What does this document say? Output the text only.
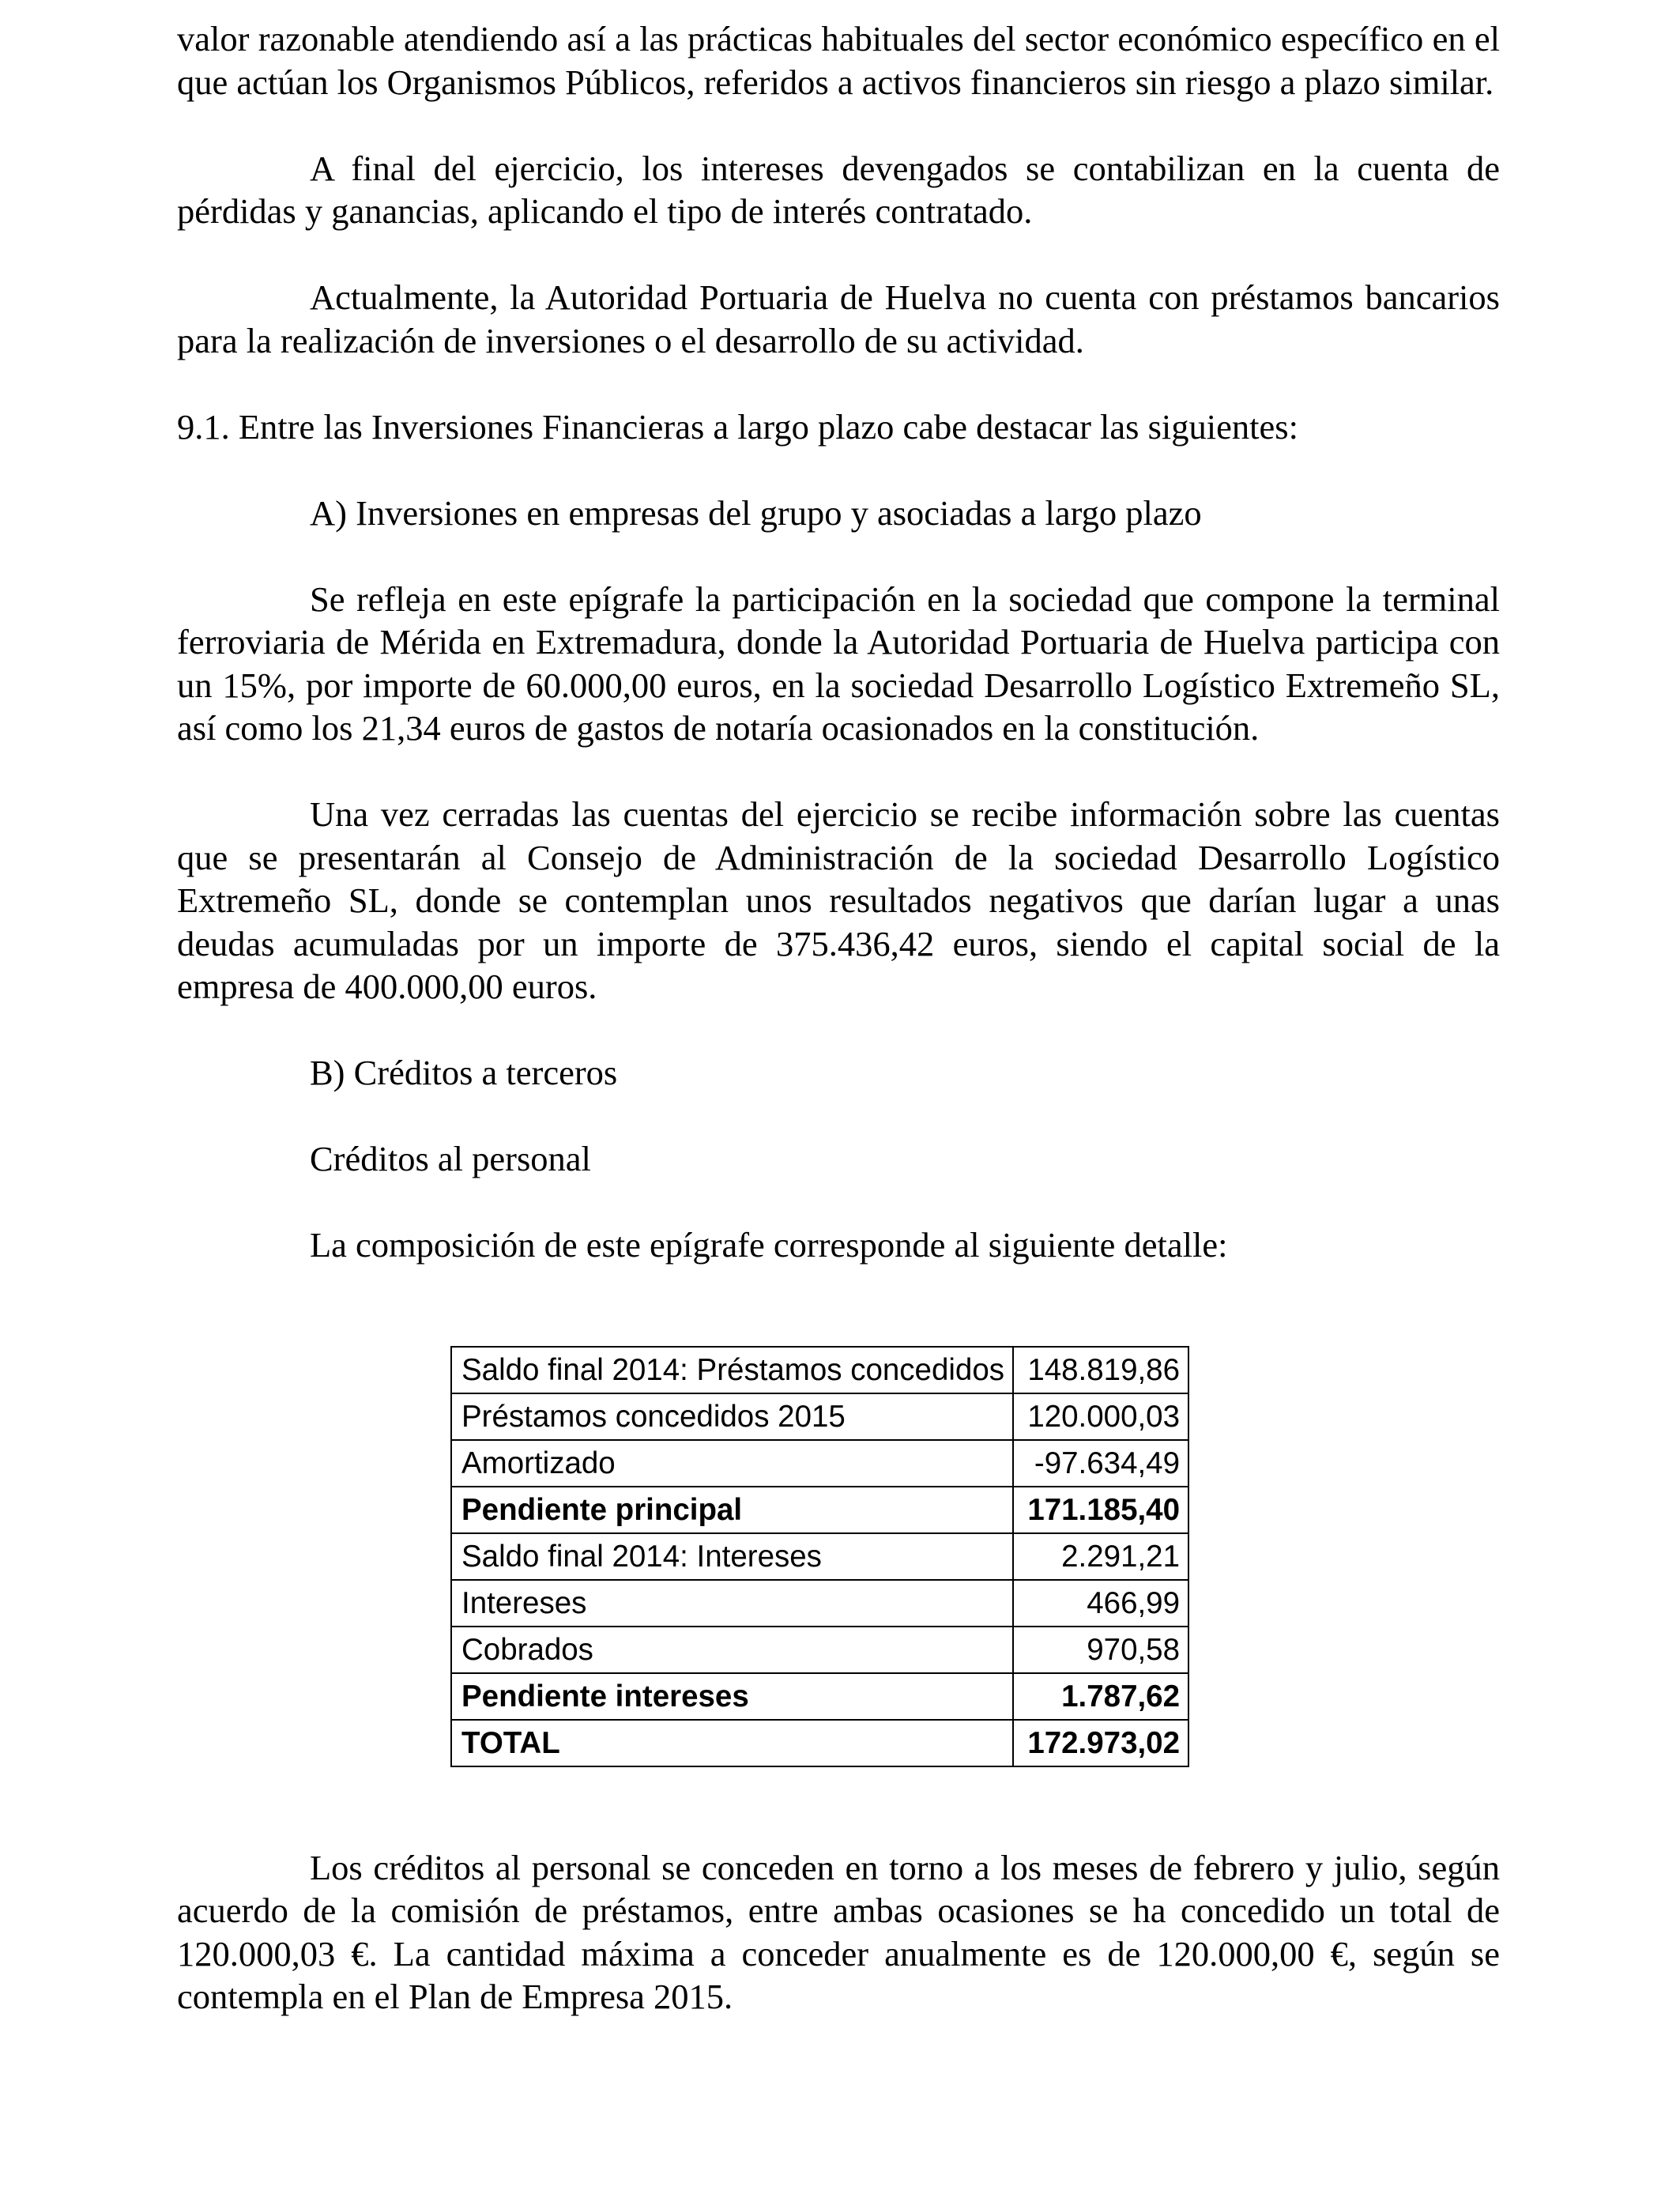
valor razonable atendiendo así a las prácticas habituales del sector económico específico en el que actúan los Organismos Públicos, referidos a activos financieros sin riesgo a plazo similar.

A final del ejercicio, los intereses devengados se contabilizan en la cuenta de pérdidas y ganancias, aplicando el tipo de interés contratado.

Actualmente, la Autoridad Portuaria de Huelva no cuenta con préstamos bancarios para la realización de inversiones o el desarrollo de su actividad.

9.1. Entre las Inversiones Financieras a largo plazo cabe destacar las siguientes:

A) Inversiones en empresas del grupo y asociadas a largo plazo

Se refleja en este epígrafe la participación en la sociedad que compone la terminal ferroviaria de Mérida en Extremadura, donde la Autoridad Portuaria de Huelva participa con un 15%, por importe de 60.000,00 euros, en la sociedad Desarrollo Logístico Extremeño SL, así como los 21,34 euros de gastos de notaría ocasionados en la constitución.

Una vez cerradas las cuentas del ejercicio se recibe información sobre las cuentas que se presentarán al Consejo de Administración de la sociedad Desarrollo Logístico Extremeño SL, donde se contemplan unos resultados negativos que darían lugar a unas deudas acumuladas por un importe de 375.436,42 euros, siendo el capital social de la empresa de 400.000,00 euros.

B) Créditos a terceros

Créditos al personal

La composición de este epígrafe corresponde al siguiente detalle:

Saldo final 2014: Préstamos concedidos	148.819,86
Préstamos concedidos 2015	120.000,03
Amortizado	-97.634,49
Pendiente principal	171.185,40
Saldo final 2014: Intereses	2.291,21
Intereses	466,99
Cobrados	970,58
Pendiente intereses	1.787,62
TOTAL	172.973,02

Los créditos al personal se conceden en torno a los meses de febrero y julio, según acuerdo de la comisión de préstamos, entre ambas ocasiones se ha concedido un total de 120.000,03 €. La cantidad máxima a conceder anualmente es de 120.000,00 €, según se contempla en el Plan de Empresa 2015.
